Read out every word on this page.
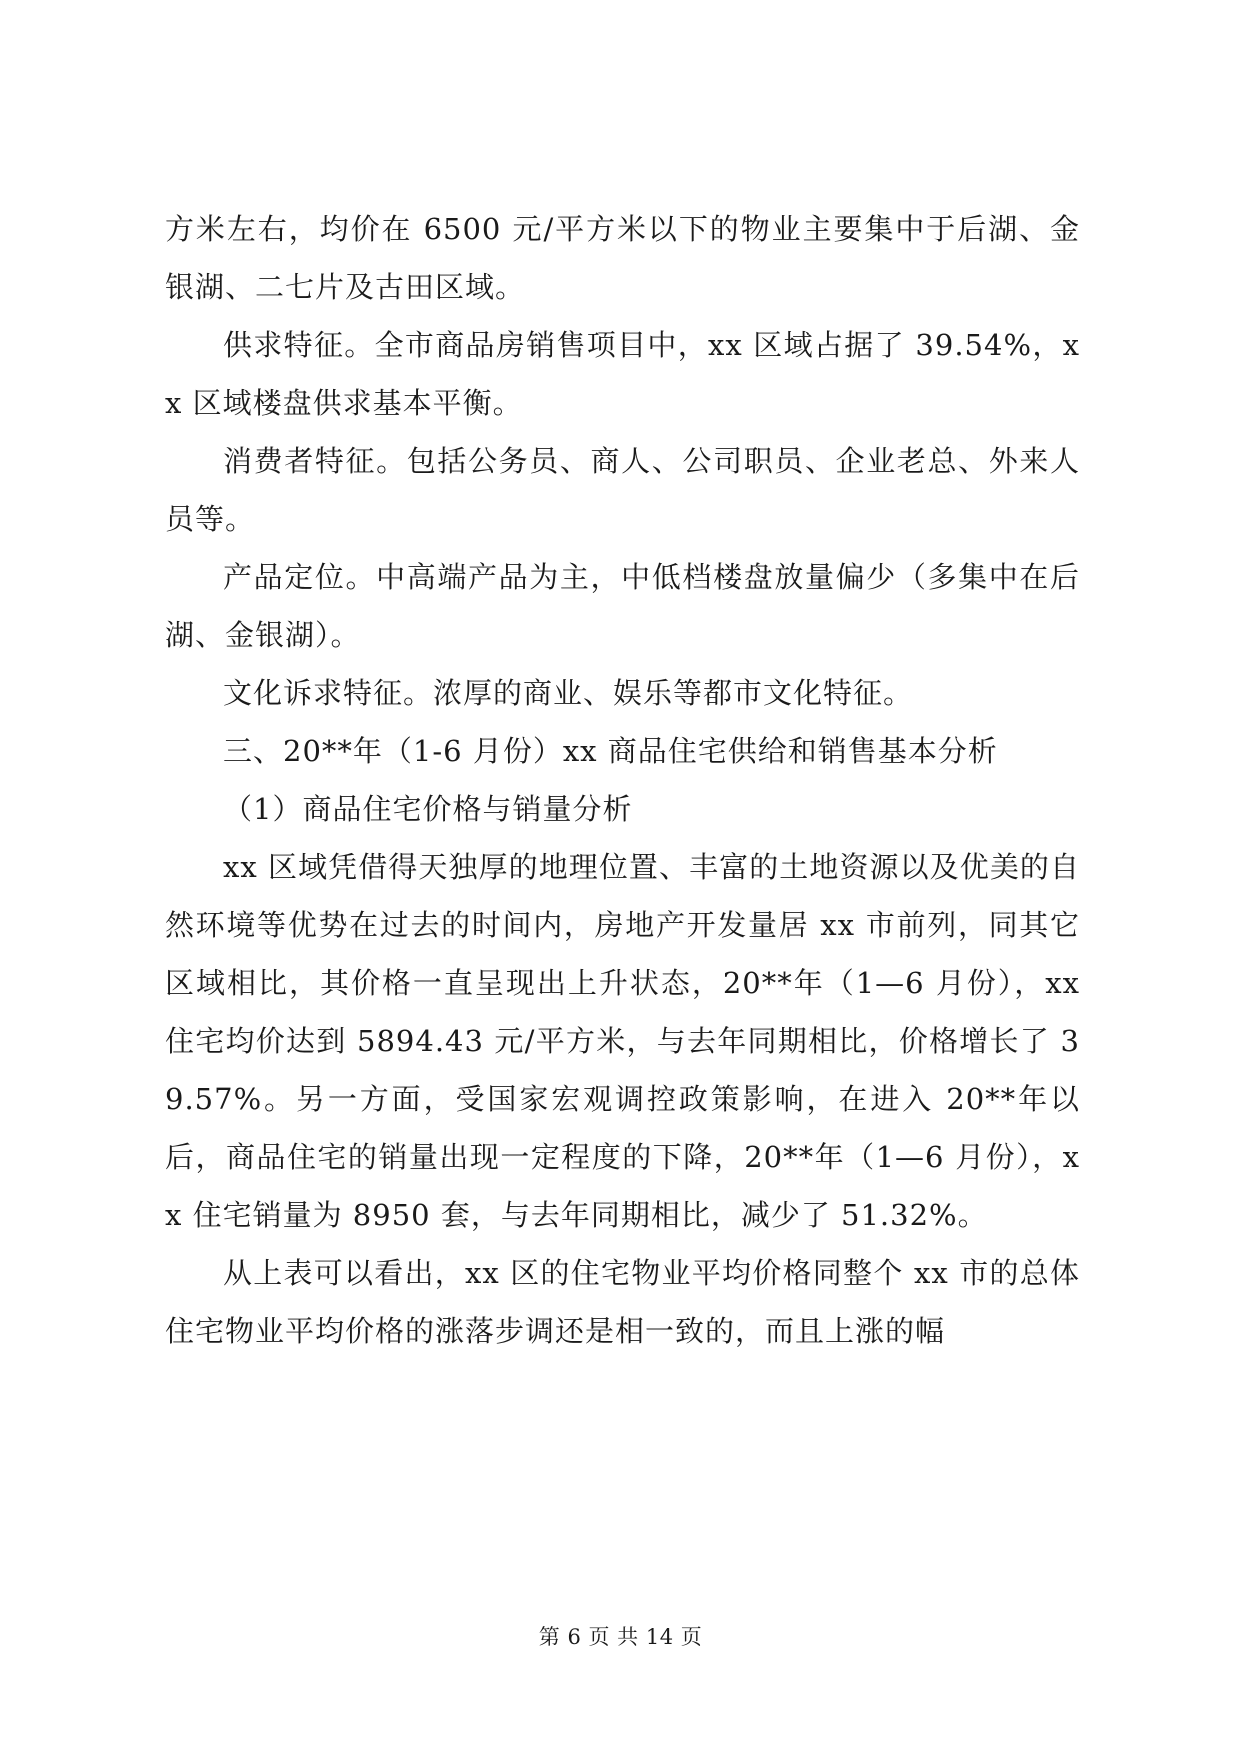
方米左右，均价在 6500 元/平方米以下的物业主要集中于后湖、金银湖、二七片及古田区域。

供求特征。全市商品房销售项目中，xx 区域占据了 39.54%，xx 区域楼盘供求基本平衡。

消费者特征。包括公务员、商人、公司职员、企业老总、外来人员等。

产品定位。中高端产品为主，中低档楼盘放量偏少（多集中在后湖、金银湖）。

文化诉求特征。浓厚的商业、娱乐等都市文化特征。

三、20**年（1-6 月份）xx 商品住宅供给和销售基本分析

（1）商品住宅价格与销量分析

xx 区域凭借得天独厚的地理位置、丰富的土地资源以及优美的自然环境等优势在过去的时间内，房地产开发量居 xx 市前列，同其它区域相比，其价格一直呈现出上升状态，20**年（1—6 月份），xx 住宅均价达到 5894.43 元/平方米，与去年同期相比，价格增长了 39.57%。另一方面，受国家宏观调控政策影响，在进入 20**年以后，商品住宅的销量出现一定程度的下降，20**年（1—6 月份），xx 住宅销量为 8950 套，与去年同期相比，减少了 51.32%。

从上表可以看出，xx 区的住宅物业平均价格同整个 xx 市的总体住宅物业平均价格的涨落步调还是相一致的，而且上涨的幅

第 6 页 共 14 页
